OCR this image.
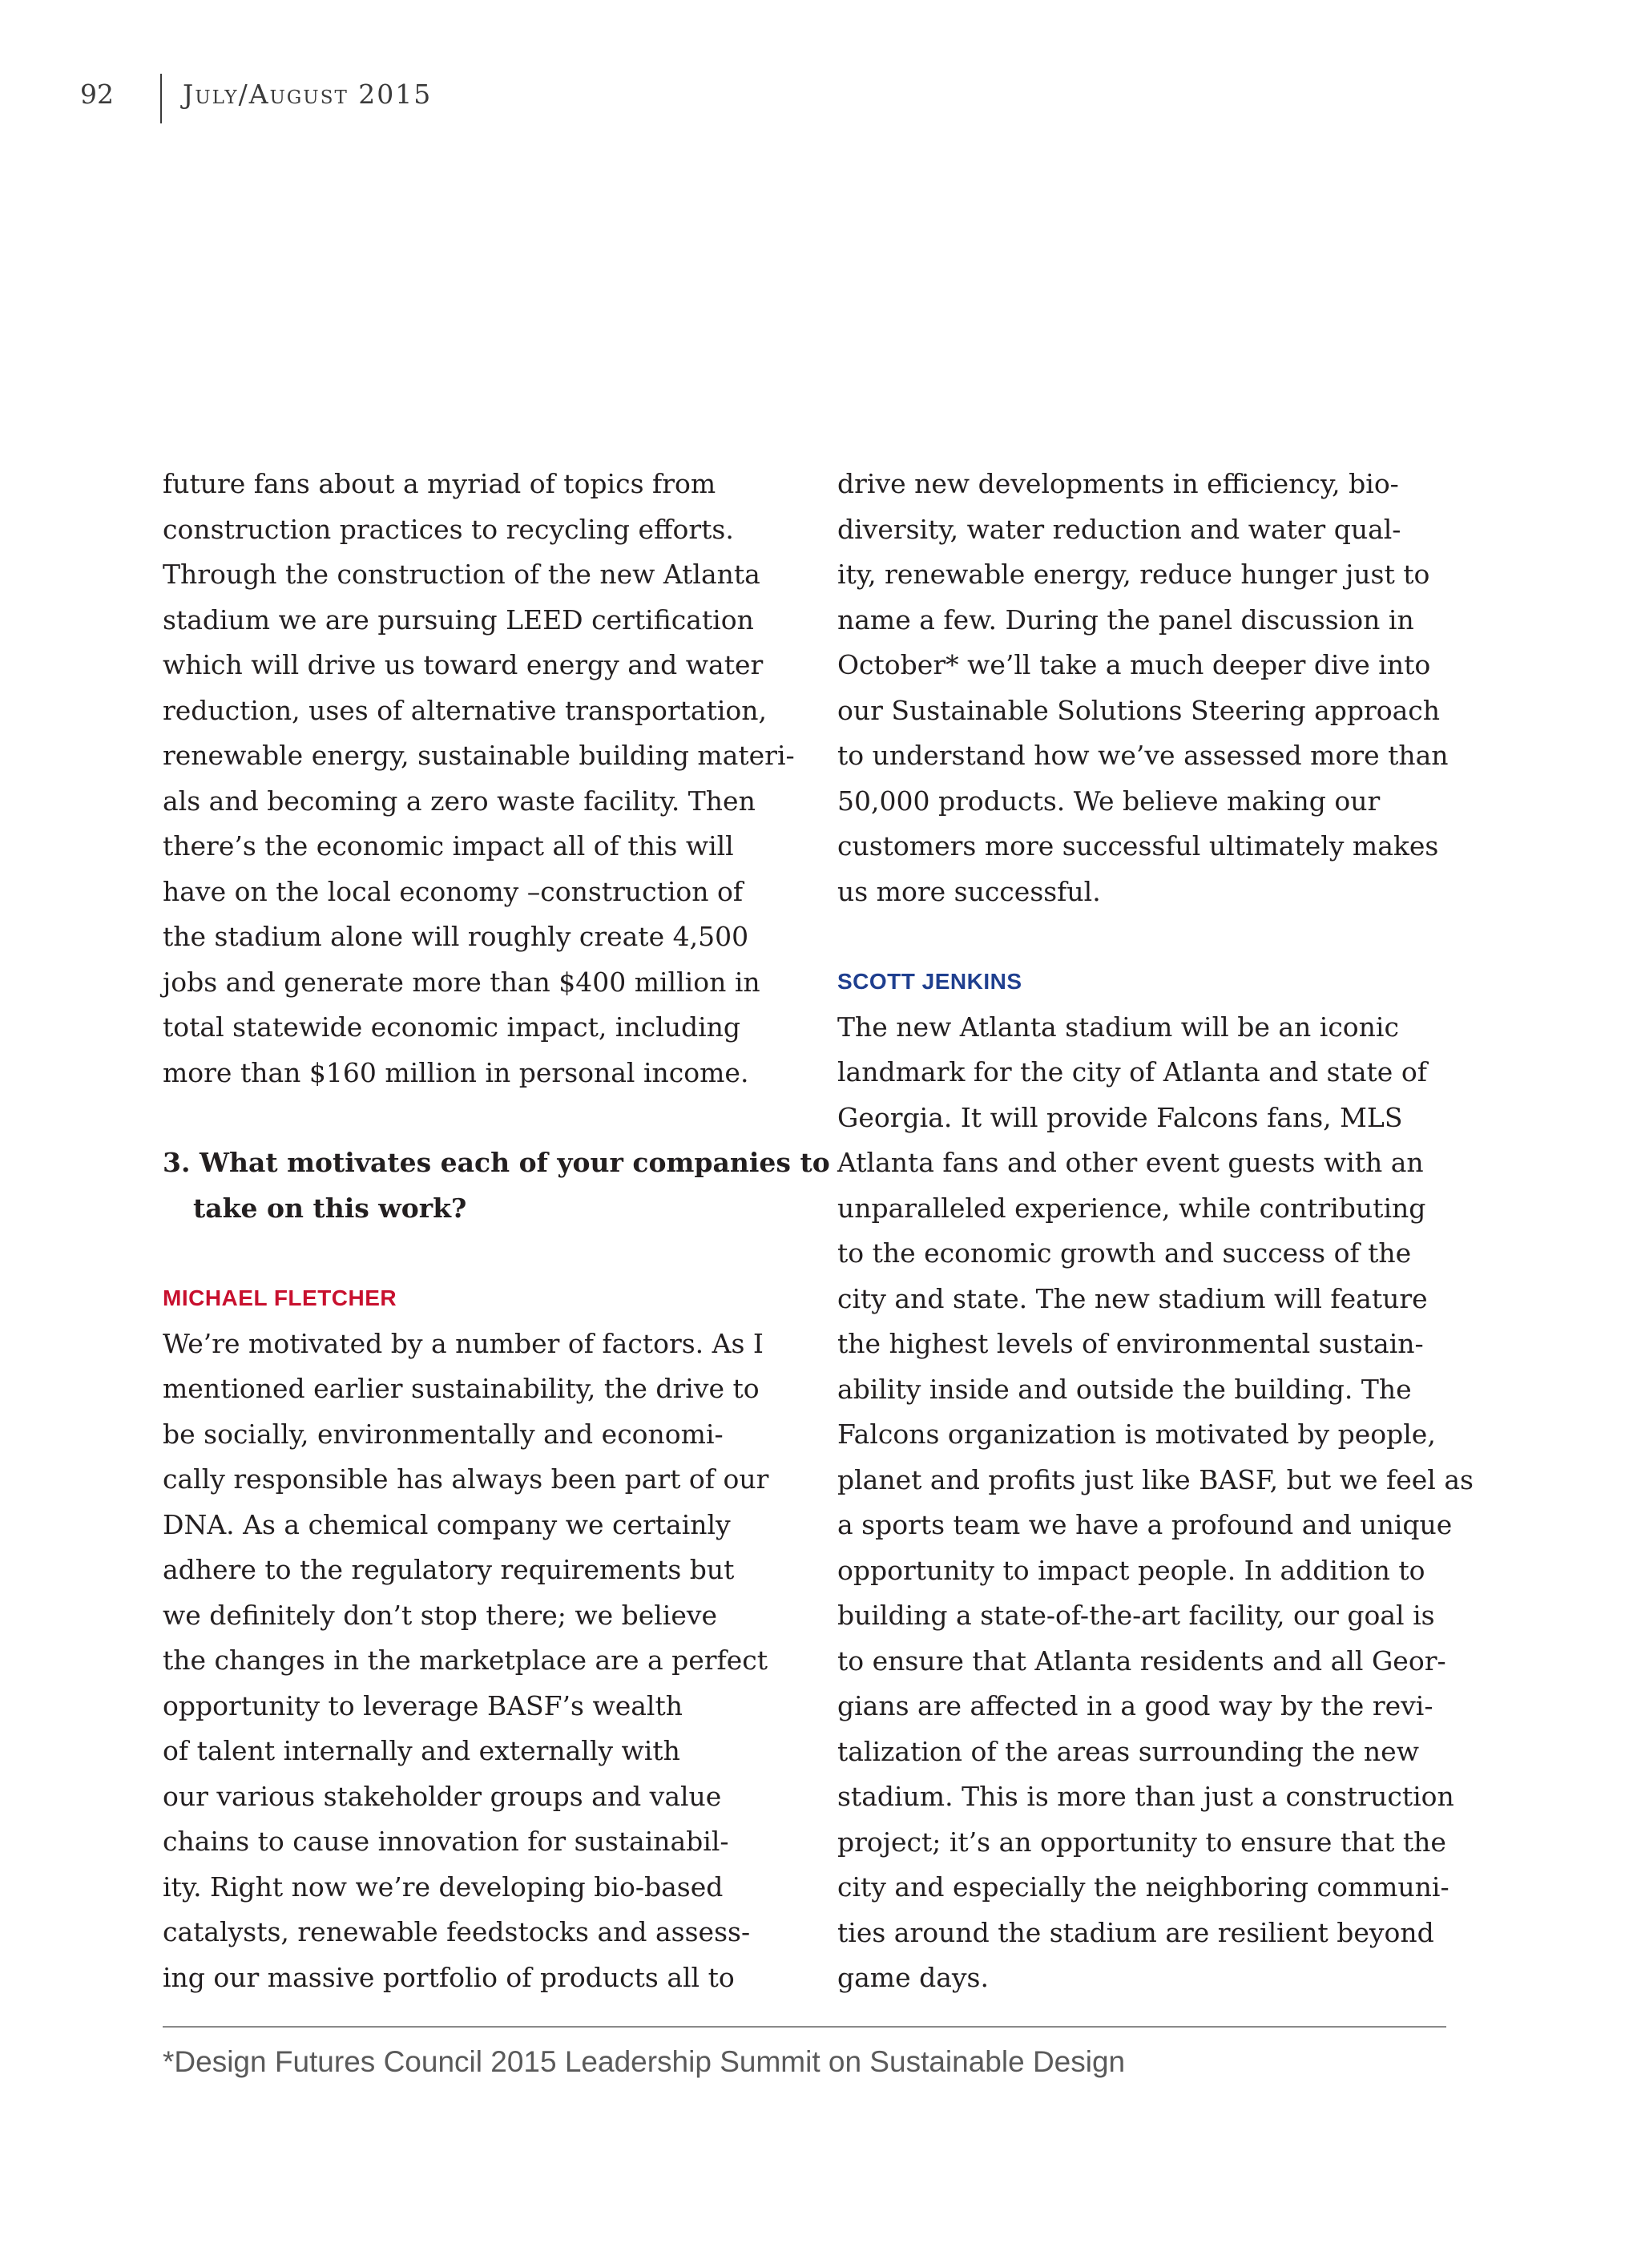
92	July/August 2015

future fans about a myriad of topics from
construction practices to recycling efforts.
Through the construction of the new Atlanta
stadium we are pursuing LEED certification
which will drive us toward energy and water
reduction, uses of alternative transportation,
renewable energy, sustainable building materi-
als and becoming a zero waste facility. Then
there’s the economic impact all of this will
have on the local economy –construction of
the stadium alone will roughly create 4,500
jobs and generate more than $400 million in
total statewide economic impact, including
more than $160 million in personal income.

3. What motivates each of your companies to
take on this work?

MICHAEL FLETCHER

We’re motivated by a number of factors. As I
mentioned earlier sustainability, the drive to
be socially, environmentally and economi-
cally responsible has always been part of our
DNA. As a chemical company we certainly
adhere to the regulatory requirements but
we definitely don’t stop there; we believe
the changes in the marketplace are a perfect
opportunity to leverage BASF’s wealth
of talent internally and externally with
our various stakeholder groups and value
chains to cause innovation for sustainabil-
ity. Right now we’re developing bio-based
catalysts, renewable feedstocks and assess-
ing our massive portfolio of products all to

drive new developments in efficiency, bio-
diversity, water reduction and water qual-
ity, renewable energy, reduce hunger just to
name a few. During the panel discussion in
October* we’ll take a much deeper dive into
our Sustainable Solutions Steering approach
to understand how we’ve assessed more than
50,000 products. We believe making our
customers more successful ultimately makes
us more successful.

SCOTT JENKINS

The new Atlanta stadium will be an iconic
landmark for the city of Atlanta and state of
Georgia. It will provide Falcons fans, MLS
Atlanta fans and other event guests with an
unparalleled experience, while contributing
to the economic growth and success of the
city and state. The new stadium will feature
the highest levels of environmental sustain-
ability inside and outside the building. The
Falcons organization is motivated by people,
planet and profits just like BASF, but we feel as
a sports team we have a profound and unique
opportunity to impact people. In addition to
building a state-of-the-art facility, our goal is
to ensure that Atlanta residents and all Geor-
gians are affected in a good way by the revi-
talization of the areas surrounding the new
stadium. This is more than just a construction
project; it’s an opportunity to ensure that the
city and especially the neighboring communi-
ties around the stadium are resilient beyond
game days.

*Design Futures Council 2015 Leadership Summit on Sustainable Design
